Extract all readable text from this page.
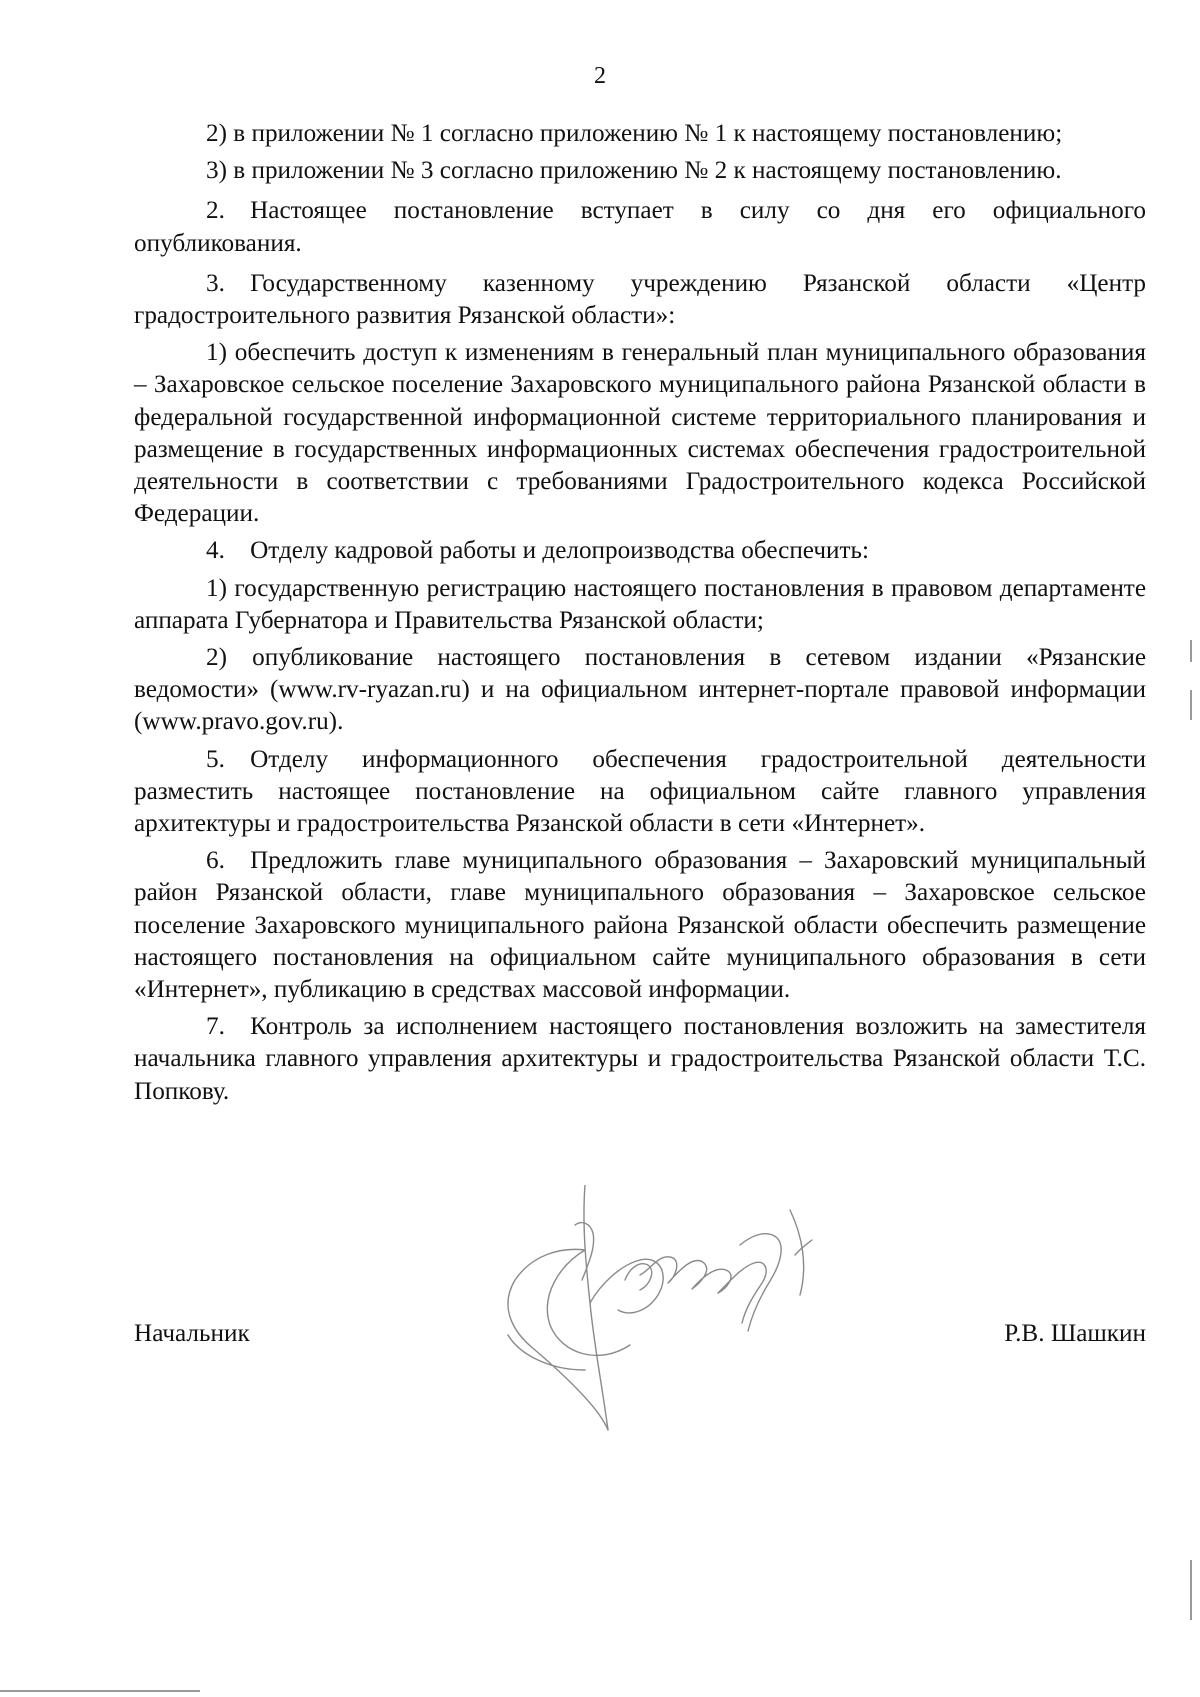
2

2) в приложении № 1 согласно приложению № 1 к настоящему постановлению;

3) в приложении № 3 согласно приложению № 2 к настоящему постановлению.

2. Настоящее постановление вступает в силу со дня его официального опубликования.

3. Государственному казенному учреждению Рязанской области «Центр градостроительного развития Рязанской области»:

1) обеспечить доступ к изменениям в генеральный план муниципального образования – Захаровское сельское поселение Захаровского муниципального района Рязанской области в федеральной государственной информационной системе территориального планирования и размещение в государственных информационных системах обеспечения градостроительной деятельности в соответствии с требованиями Градостроительного кодекса Российской Федерации.

4. Отделу кадровой работы и делопроизводства обеспечить:

1) государственную регистрацию настоящего постановления в правовом департаменте аппарата Губернатора и Правительства Рязанской области;

2) опубликование настоящего постановления в сетевом издании «Рязанские ведомости» (www.rv-ryazan.ru) и на официальном интернет-портале правовой информации (www.pravo.gov.ru).

5. Отделу информационного обеспечения градостроительной деятельности разместить настоящее постановление на официальном сайте главного управления архитектуры и градостроительства Рязанской области в сети «Интернет».

6. Предложить главе муниципального образования – Захаровский муниципальный район Рязанской области, главе муниципального образования – Захаровское сельское поселение Захаровского муниципального района Рязанской области обеспечить размещение настоящего постановления на официальном сайте муниципального образования в сети «Интернет», публикацию в средствах массовой информации.

7. Контроль за исполнением настоящего постановления возложить на заместителя начальника главного управления архитектуры и градостроительства Рязанской области Т.С. Попкову.

Начальник	Р.В. Шашкин
